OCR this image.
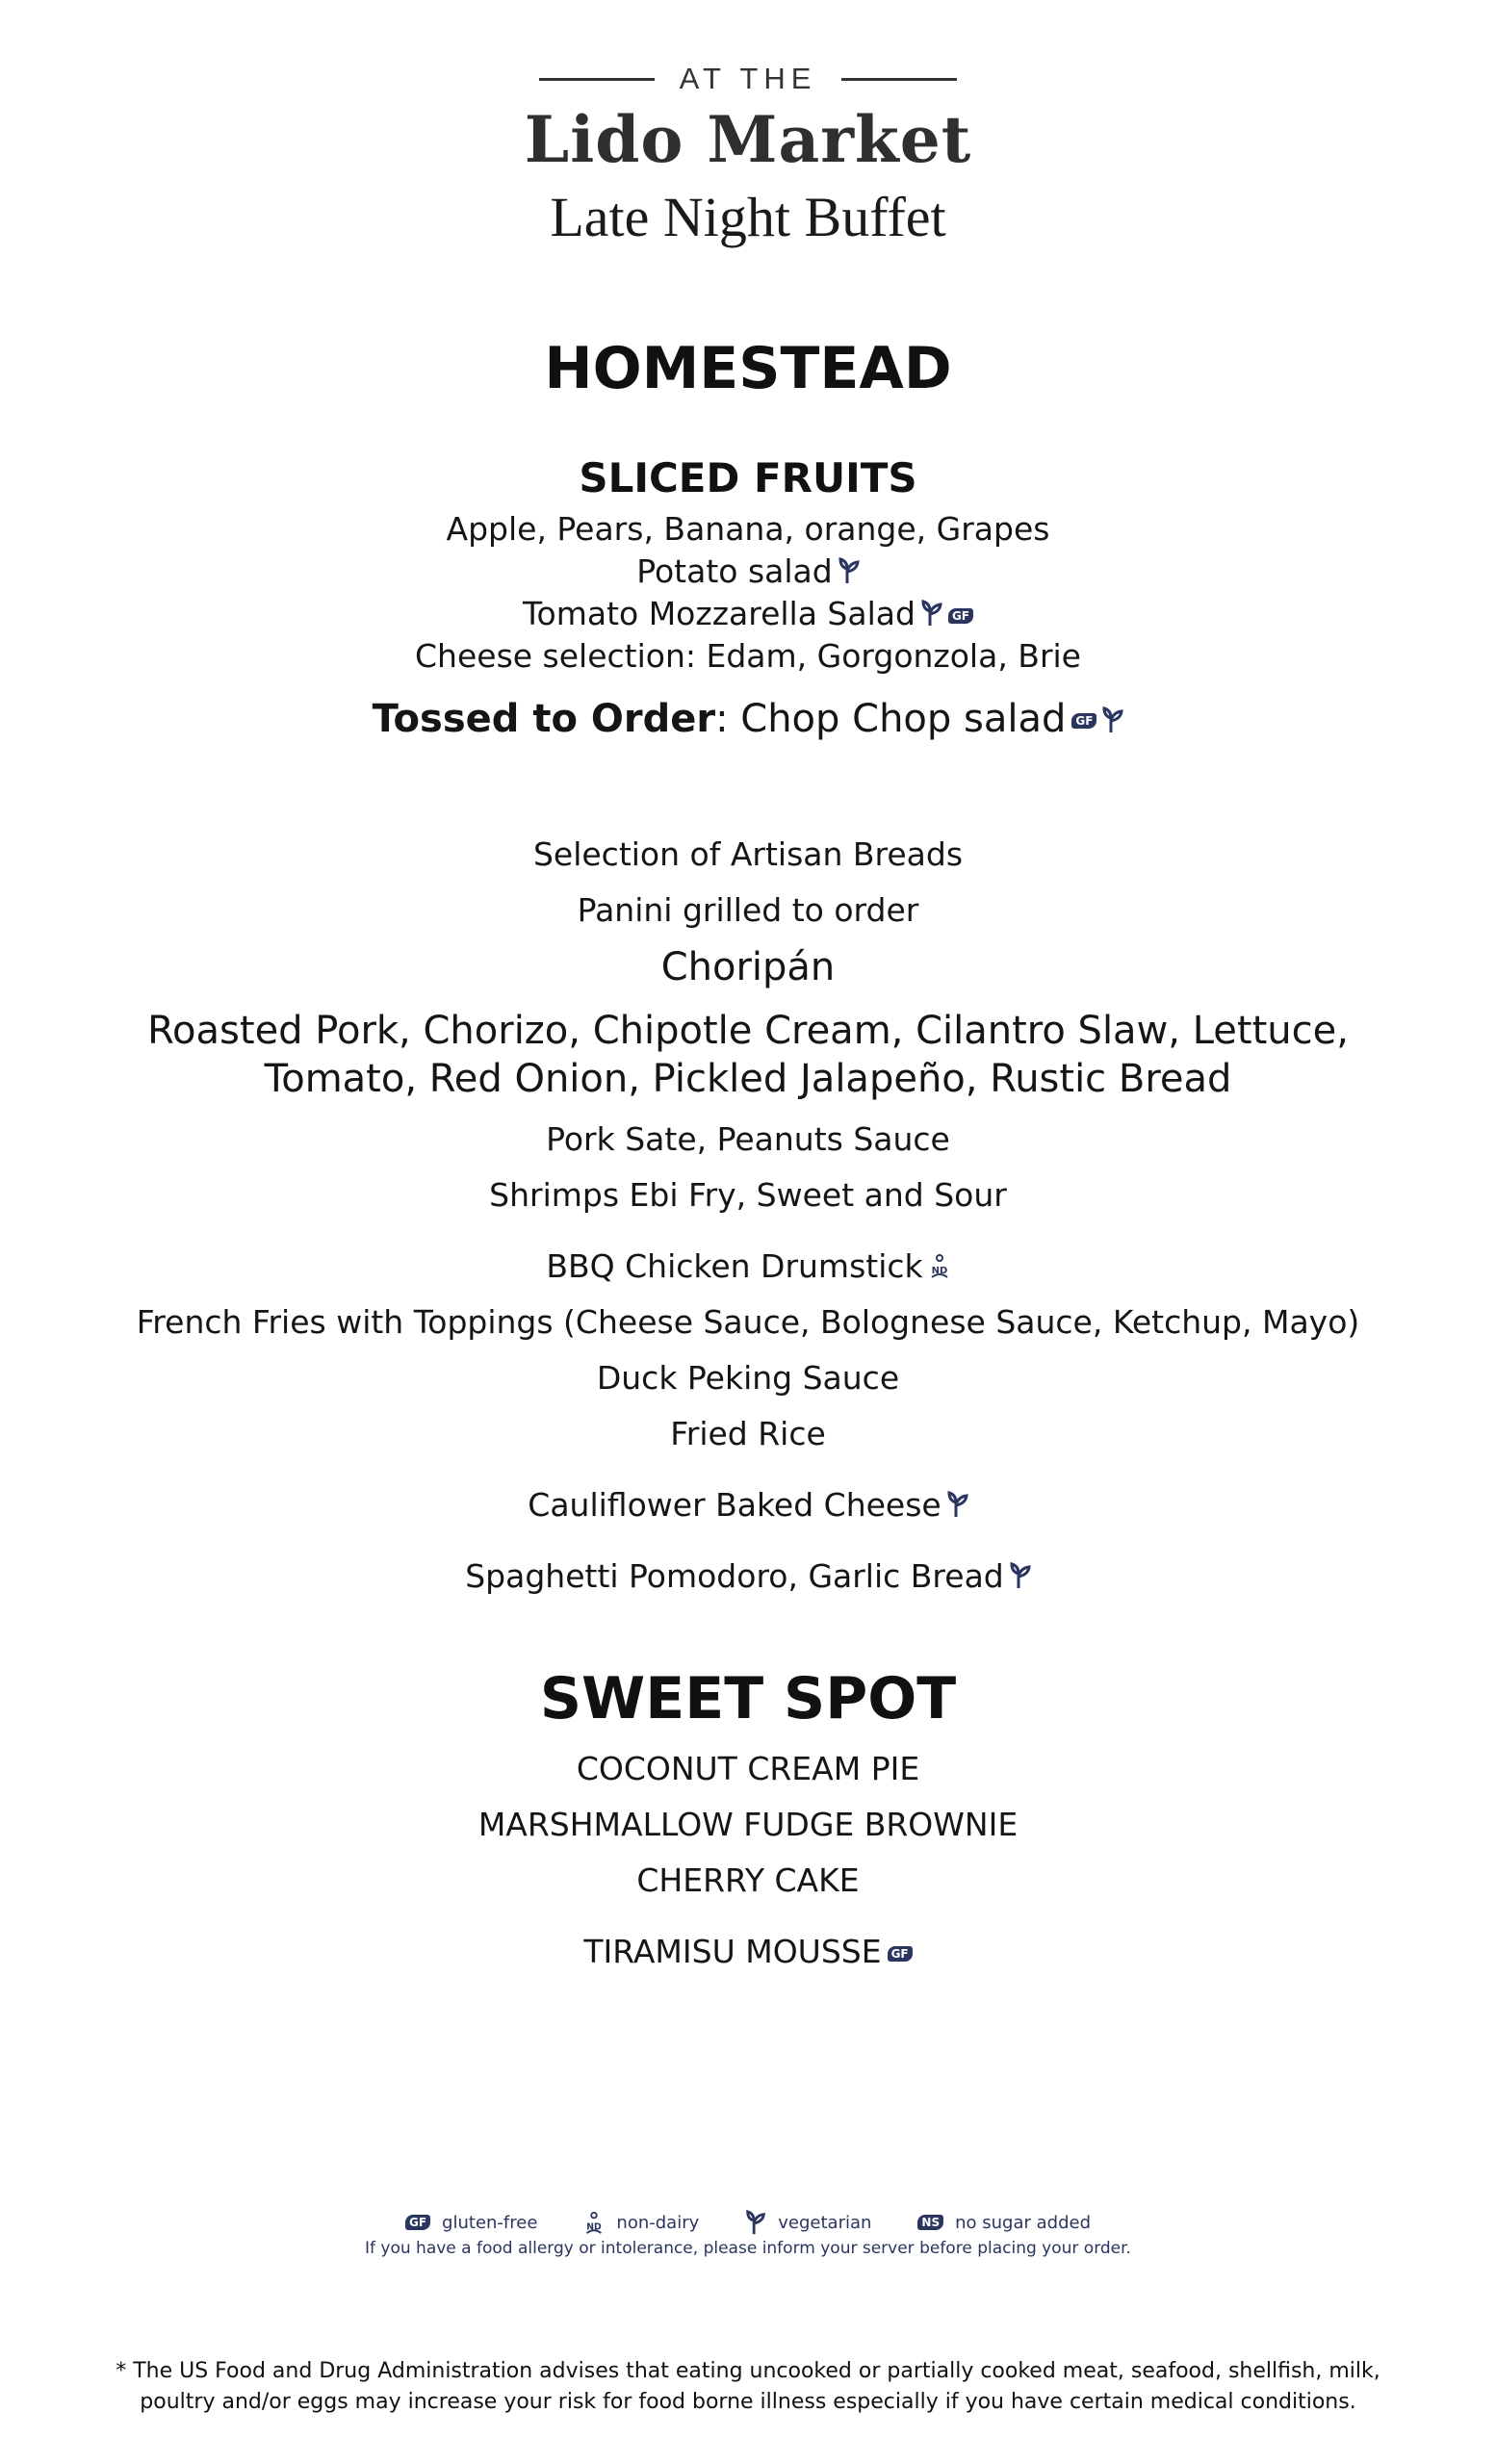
AT THE
Lido Market
Late Night Buffet
HOMESTEAD
SLICED FRUITS
Apple, Pears, Banana, orange, Grapes
Potato salad
Tomato Mozzarella Salad	GF
Cheese selection: Edam, Gorgonzola, Brie
Tossed to Order: Chop Chop salad GF
Selection of Artisan Breads
Panini grilled to order
Choripán
Roasted Pork, Chorizo, Chipotle Cream, Cilantro Slaw, Lettuce, Tomato, Red Onion, Pickled Jalapeño, Rustic Bread
Pork Sate, Peanuts Sauce
Shrimps Ebi Fry, Sweet and Sour
BBQ Chicken Drumstick ND
French Fries with Toppings (Cheese Sauce, Bolognese Sauce, Ketchup, Mayo)
Duck Peking Sauce
Fried Rice
Cauliflower Baked Cheese
Spaghetti Pomodoro, Garlic Bread
SWEET SPOT
COCONUT CREAM PIE
MARSHMALLOW FUDGE BROWNIE
CHERRY CAKE
TIRAMISU MOUSSE GF
GF gluten-free	ND non-dairy	vegetarian	NS no sugar added
If you have a food allergy or intolerance, please inform your server before placing your order.
* The US Food and Drug Administration advises that eating uncooked or partially cooked meat, seafood, shellfish, milk, poultry and/or eggs may increase your risk for food borne illness especially if you have certain medical conditions.
